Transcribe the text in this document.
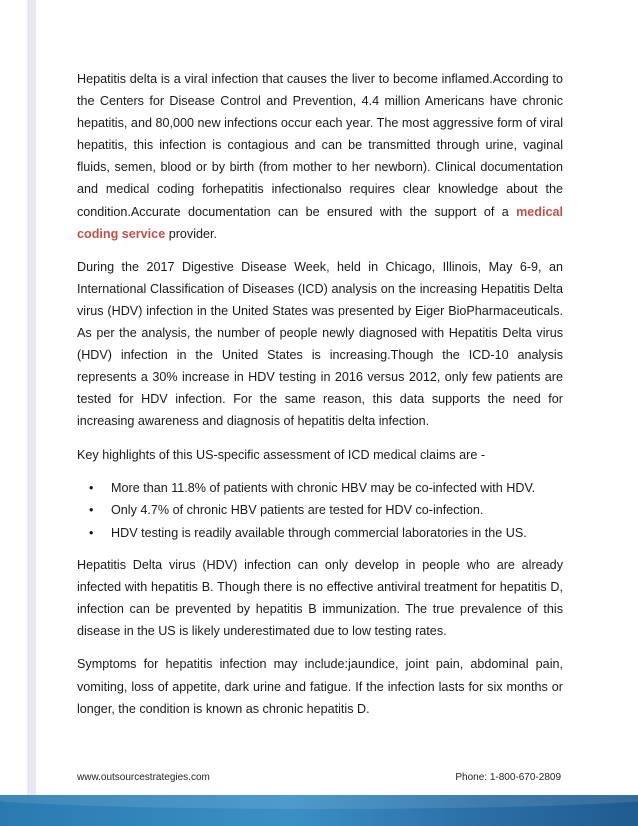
Hepatitis delta is a viral infection that causes the liver to become inflamed.According to the Centers for Disease Control and Prevention, 4.4 million Americans have chronic hepatitis, and 80,000 new infections occur each year. The most aggressive form of viral hepatitis, this infection is contagious and can be transmitted through urine, vaginal fluids, semen, blood or by birth (from mother to her newborn). Clinical documentation and medical coding forhepatitis infectionalso requires clear knowledge about the condition.Accurate documentation can be ensured with the support of a medical coding service provider.

During the 2017 Digestive Disease Week, held in Chicago, Illinois, May 6-9, an International Classification of Diseases (ICD) analysis on the increasing Hepatitis Delta virus (HDV) infection in the United States was presented by Eiger BioPharmaceuticals. As per the analysis, the number of people newly diagnosed with Hepatitis Delta virus (HDV) infection in the United States is increasing.Though the ICD-10 analysis represents a 30% increase in HDV testing in 2016 versus 2012, only few patients are tested for HDV infection. For the same reason, this data supports the need for increasing awareness and diagnosis of hepatitis delta infection.

Key highlights of this US-specific assessment of ICD medical claims are -

• More than 11.8% of patients with chronic HBV may be co-infected with HDV.
• Only 4.7% of chronic HBV patients are tested for HDV co-infection.
• HDV testing is readily available through commercial laboratories in the US.

Hepatitis Delta virus (HDV) infection can only develop in people who are already infected with hepatitis B. Though there is no effective antiviral treatment for hepatitis D, infection can be prevented by hepatitis B immunization. The true prevalence of this disease in the US is likely underestimated due to low testing rates.

Symptoms for hepatitis infection may include:jaundice, joint pain, abdominal pain, vomiting, loss of appetite, dark urine and fatigue. If the infection lasts for six months or longer, the condition is known as chronic hepatitis D.

www.outsourcestrategies.com	Phone: 1-800-670-2809
